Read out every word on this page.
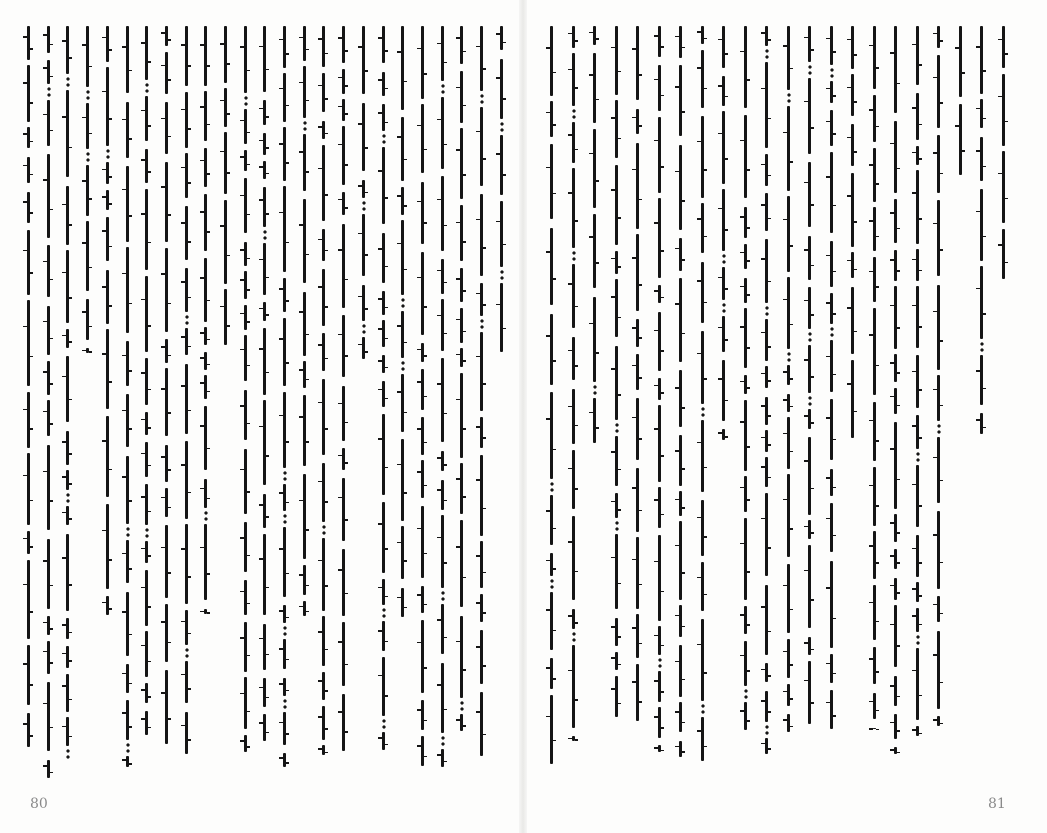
80	81
